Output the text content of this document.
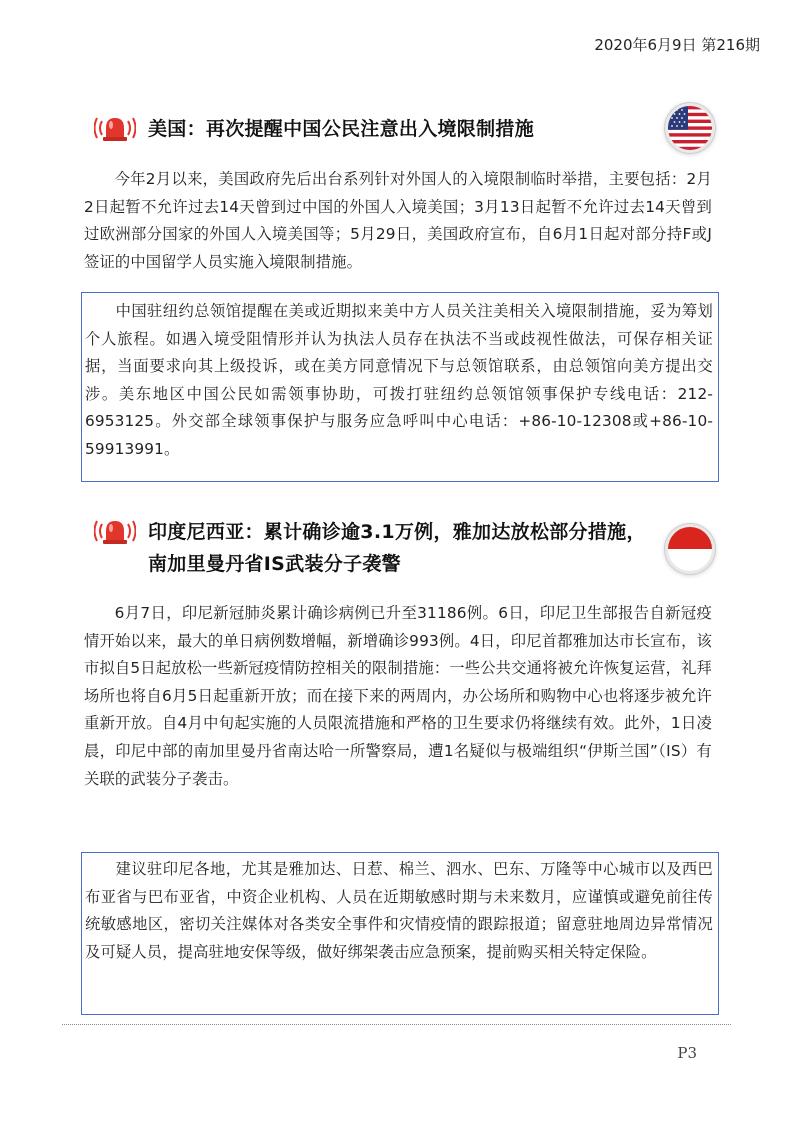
2020年6月9日 第216期
美国：再次提醒中国公民注意出入境限制措施
今年2月以来，美国政府先后出台系列针对外国人的入境限制临时举措，主要包括：2月2日起暂不允许过去14天曾到过中国的外国人入境美国；3月13日起暂不允许过去14天曾到过欧洲部分国家的外国人入境美国等；5月29日，美国政府宣布，自6月1日起对部分持F或J签证的中国留学人员实施入境限制措施。
中国驻纽约总领馆提醒在美或近期拟来美中方人员关注美相关入境限制措施，妥为筹划个人旅程。如遇入境受阻情形并认为执法人员存在执法不当或歧视性做法，可保存相关证据，当面要求向其上级投诉，或在美方同意情况下与总领馆联系，由总领馆向美方提出交涉。美东地区中国公民如需领事协助，可拨打驻纽约总领馆领事保护专线电话：212-6953125。外交部全球领事保护与服务应急呼叫中心电话：+86-10-12308或+86-10-59913991。
印度尼西亚：累计确诊逾3.1万例，雅加达放松部分措施，
南加里曼丹省IS武装分子袭警
6月7日，印尼新冠肺炎累计确诊病例已升至31186例。6日，印尼卫生部报告自新冠疫情开始以来，最大的单日病例数增幅，新增确诊993例。4日，印尼首都雅加达市长宣布，该市拟自5日起放松一些新冠疫情防控相关的限制措施：一些公共交通将被允许恢复运营，礼拜场所也将自6月5日起重新开放；而在接下来的两周内，办公场所和购物中心也将逐步被允许重新开放。自4月中旬起实施的人员限流措施和严格的卫生要求仍将继续有效。此外，1日凌晨，印尼中部的南加里曼丹省南达哈一所警察局，遭1名疑似与极端组织“伊斯兰国”（IS）有关联的武装分子袭击。
建议驻印尼各地，尤其是雅加达、日惹、棉兰、泗水、巴东、万隆等中心城市以及西巴布亚省与巴布亚省，中资企业机构、人员在近期敏感时期与未来数月，应谨慎或避免前往传统敏感地区，密切关注媒体对各类安全事件和灾情疫情的跟踪报道；留意驻地周边异常情况及可疑人员，提高驻地安保等级，做好绑架袭击应急预案，提前购买相关特定保险。
P3
